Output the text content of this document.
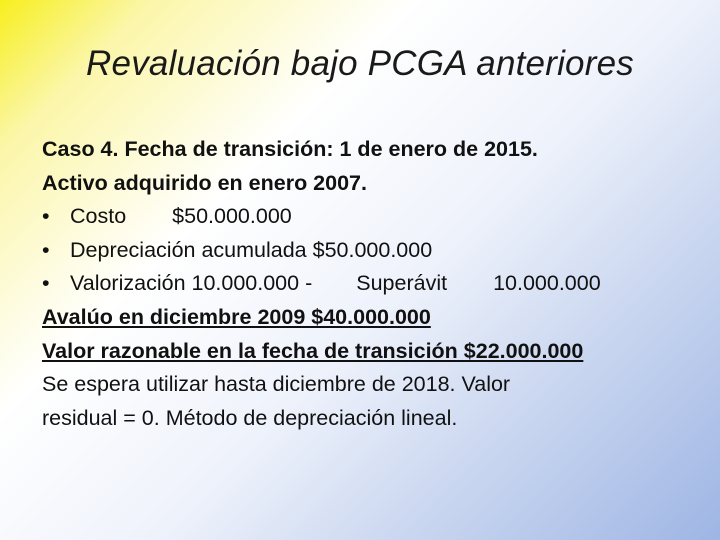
Revaluación bajo PCGA anteriores
Caso 4. Fecha de transición: 1 de enero de 2015.
Activo adquirido en enero 2007.
• Costo $50.000.000
• Depreciación acumulada $50.000.000
• Valorización 10.000.000 - Superávit 10.000.000
Avalúo en diciembre 2009 $40.000.000
Valor razonable en la fecha de transición $22.000.000
Se espera utilizar hasta diciembre de 2018. Valor
residual = 0. Método de depreciación lineal.
